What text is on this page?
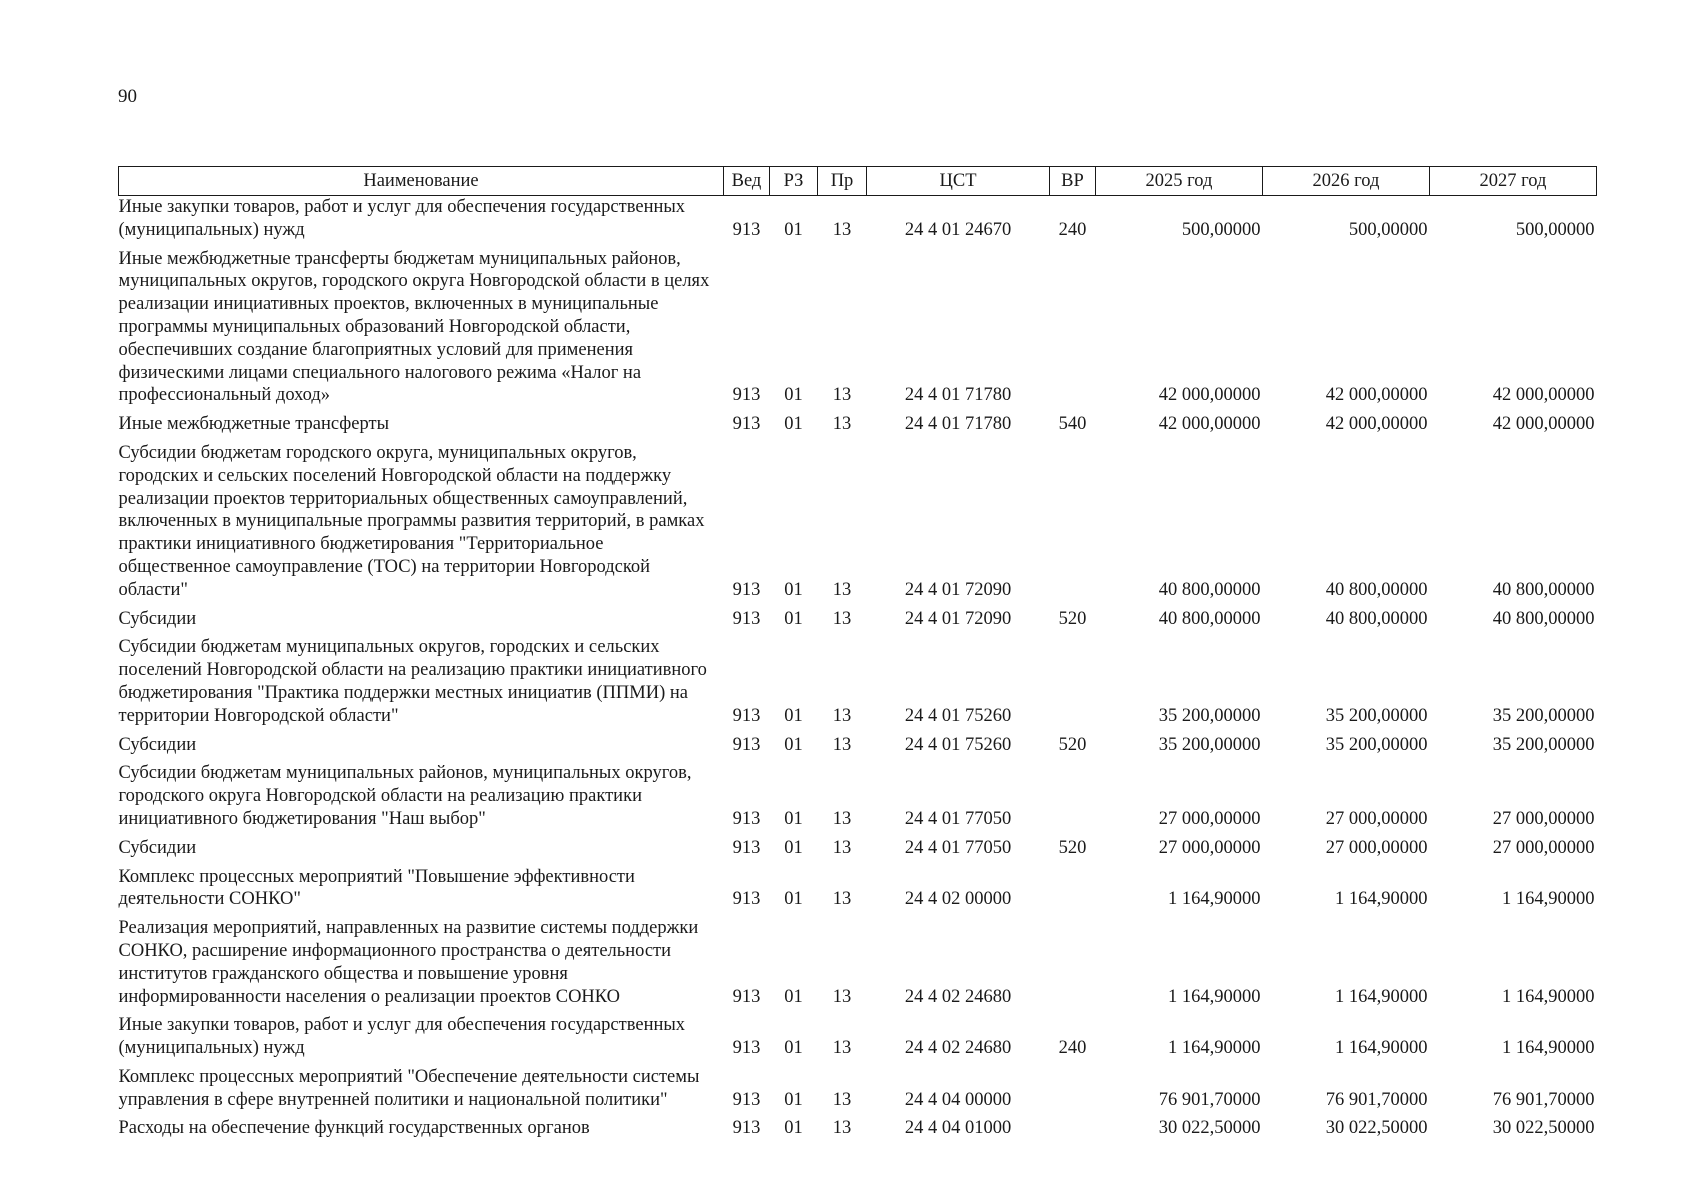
90
Наименование	Вед	РЗ	Пр	ЦСТ	ВР	2025 год	2026 год	2027 год
Иные закупки товаров, работ и услуг для обеспечения государственных (муниципальных) нужд	913	01	13	24 4 01 24670	240	500,00000	500,00000	500,00000
Иные межбюджетные трансферты бюджетам муниципальных районов, муниципальных округов, городского округа Новгородской области в целях реализации инициативных проектов, включенных в муниципальные программы муниципальных образований Новгородской области, обеспечивших создание благоприятных условий для применения физическими лицами специального налогового режима «Налог на профессиональный доход»	913	01	13	24 4 01 71780		42 000,00000	42 000,00000	42 000,00000
Иные межбюджетные трансферты	913	01	13	24 4 01 71780	540	42 000,00000	42 000,00000	42 000,00000
Субсидии бюджетам городского округа, муниципальных округов, городских и сельских поселений Новгородской области на поддержку реализации проектов территориальных общественных самоуправлений, включенных в муниципальные программы развития территорий, в рамках практики инициативного бюджетирования "Территориальное общественное самоуправление (ТОС) на территории Новгородской области"	913	01	13	24 4 01 72090		40 800,00000	40 800,00000	40 800,00000
Субсидии	913	01	13	24 4 01 72090	520	40 800,00000	40 800,00000	40 800,00000
Субсидии бюджетам муниципальных округов, городских и сельских поселений Новгородской области на реализацию практики инициативного бюджетирования "Практика поддержки местных инициатив (ППМИ) на территории Новгородской области"	913	01	13	24 4 01 75260		35 200,00000	35 200,00000	35 200,00000
Субсидии	913	01	13	24 4 01 75260	520	35 200,00000	35 200,00000	35 200,00000
Субсидии бюджетам муниципальных районов, муниципальных округов, городского округа Новгородской области на реализацию практики инициативного бюджетирования "Наш выбор"	913	01	13	24 4 01 77050		27 000,00000	27 000,00000	27 000,00000
Субсидии	913	01	13	24 4 01 77050	520	27 000,00000	27 000,00000	27 000,00000
Комплекс процессных мероприятий "Повышение эффективности деятельности СОНКО"	913	01	13	24 4 02 00000		1 164,90000	1 164,90000	1 164,90000
Реализация мероприятий, направленных на развитие системы поддержки СОНКО, расширение информационного пространства о деятельности институтов гражданского общества и повышение уровня информированности населения о реализации проектов СОНКО	913	01	13	24 4 02 24680		1 164,90000	1 164,90000	1 164,90000
Иные закупки товаров, работ и услуг для обеспечения государственных (муниципальных) нужд	913	01	13	24 4 02 24680	240	1 164,90000	1 164,90000	1 164,90000
Комплекс процессных мероприятий "Обеспечение деятельности системы управления в сфере внутренней политики и национальной политики"	913	01	13	24 4 04 00000		76 901,70000	76 901,70000	76 901,70000
Расходы на обеспечение функций государственных органов	913	01	13	24 4 04 01000		30 022,50000	30 022,50000	30 022,50000
